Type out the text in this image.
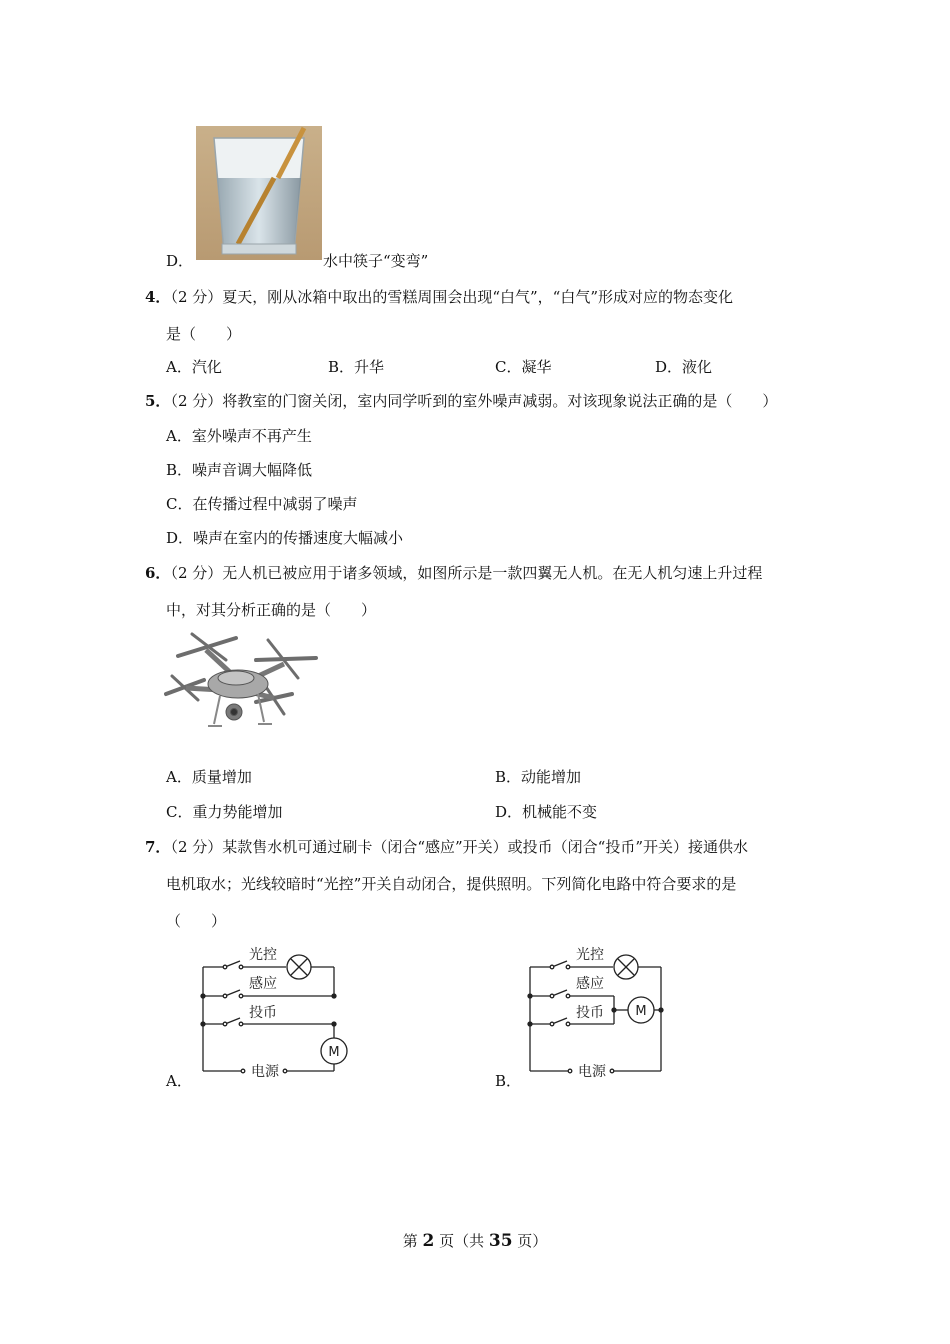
D．	水中筷子“变弯”
4．
（2 分）夏天，刚从冰箱中取出的雪糕周围会出现“白气”，“白气”形成对应的物态变化
是（　　）
A．汽化	B．升华	C．凝华	D．液化
5．
（2 分）将教室的门窗关闭，室内同学听到的室外噪声减弱。对该现象说法正确的是（　　）
A．室外噪声不再产生
B．噪声音调大幅降低
C．在传播过程中减弱了噪声
D．噪声在室内的传播速度大幅减小
6．
（2 分）无人机已被应用于诸多领域，如图所示是一款四翼无人机。在无人机匀速上升过程
中，对其分析正确的是（　　）
A．质量增加	B．动能增加
C．重力势能增加	D．机械能不变
7．
（2 分）某款售水机可通过刷卡（闭合“感应”开关）或投币（闭合“投币”开关）接通供水
电机取水；光线较暗时“光控”开关自动闭合，提供照明。下列简化电路中符合要求的是
（　　）
光控
感应
投币
电源
M
A．
光控
感应
投币
电源
M
B．
第 2 页（共 35 页）
